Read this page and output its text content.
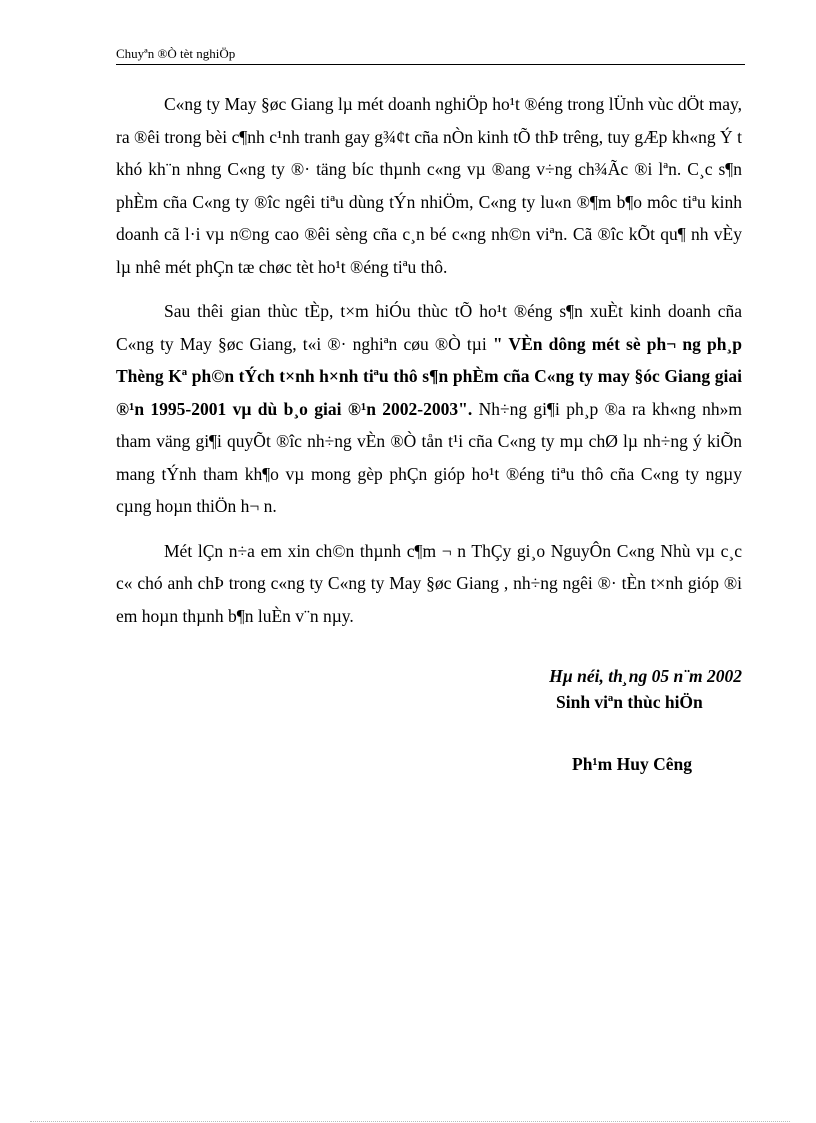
Chuyªn ®Ò tèt nghiÖp

C«ng ty May §øc Giang lµ mét doanh nghiÖp ho¹t ®éng trong lÜnh vùc dÖt may, ra ®êi trong bèi c¶nh c¹nh tranh gay g¾¢t cña nÒn kinh tÕ thÞ trêng, tuy gÆp kh«ng Ý t khó kh¨n nhng C«ng ty ®· täng bíc thµnh c«ng vµ ®ang v÷ng ch¾Ãc ®i lªn. C¸c s¶n phÈm cña C«ng ty ®îc ngêi tiªu dùng tÝn nhiÖm, C«ng ty lu«n ®¶m b¶o môc tiªu kinh doanh cã l·i vµ n©ng cao ®êi sèng cña c¸n bé c«ng nh©n viªn. Cã ®îc kÕt qu¶ nh vÈy lµ nhê mét phÇn tæ chøc tèt ho¹t ®éng tiªu thô.

Sau thêi gian thùc tÈp, t×m hiÓu thùc tÕ ho¹t ®éng s¶n xuÈt kinh doanh cña C«ng ty May §øc Giang, t«i ®· nghiªn cøu ®Ò tµi " VÈn dông mét sè ph¬ ng ph¸p Thèng Kª ph©n tÝch t×nh h×nh tiªu thô s¶n phÈm cña C«ng ty may §óc Giang giai ®¹n 1995-2001 vµ dù b¸o giai ®¹n 2002-2003". Nh÷ng gi¶i ph¸p ®a ra kh«ng nh»m tham väng gi¶i quyÕt ®îc nh÷ng vÈn ®Ò tån t¹i cña C«ng ty mµ chØ lµ nh÷ng ý kiÕn mang tÝnh tham kh¶o vµ mong gèp phÇn gióp ho¹t ®éng tiªu thô cña C«ng ty ngµy cµng hoµn thiÖn h¬ n.

Mét lÇn n÷a em xin ch©n thµnh c¶m ¬ n ThÇy gi¸o NguyÔn C«ng Nhù vµ c¸c c« chó anh chÞ trong c«ng ty C«ng ty May §øc Giang , nh÷ng ngêi ®· tÈn t×nh gióp ®i em hoµn thµnh b¶n luÈn v¨n nµy.

Hµ néi, th¸ng 05 n¨m 2002
Sinh viªn thùc hiÖn
Ph¹m Huy Cêng
